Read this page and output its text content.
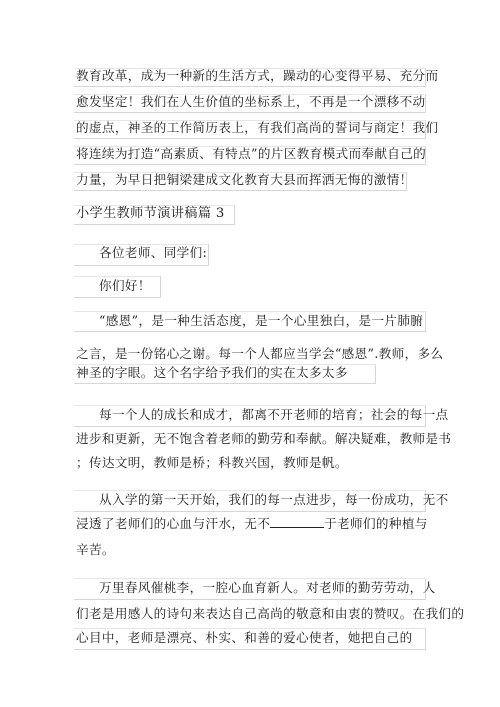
教育改革，成为一种新的生活方式，躁动的心变得平易、充分而
愈发坚定！我们在人生价值的坐标系上，不再是一个漂移不动
的虚点，神圣的工作简历表上，有我们高尚的誓词与商定！我们
将连续为打造“高素质、有特点”的片区教育模式而奉献自己的
力量，为早日把铜梁建成文化教育大县而挥洒无悔的激情！
小学生教师节演讲稿篇 3
各位老师、同学们:
你们好！
“感恩”，是一种生活态度，是一个心里独白，是一片肺腑
之言，是一份铭心之谢。每一个人都应当学会“感恩”.教师，多么
神圣的字眼。这个名字给予我们的实在太多太多
每一个人的成长和成才，都离不开老师的培育；社会的每一点
进步和更新，无不饱含着老师的勤劳和奉献。解决疑难，教师是书
；传达文明，教师是桥；科教兴国，教师是帆。
从入学的第一天开始，我们的每一点进步，每一份成功，无不
浸透了老师们的心血与汗水，无不	于老师们的种植与
辛苦。
万里春风催桃李，一腔心血育新人。对老师的勤劳劳动，人
们老是用感人的诗句来表达自己高尚的敬意和由衷的赞叹。在我们的
心目中，老师是漂亮、朴实、和善的爱心使者，她把自己的
